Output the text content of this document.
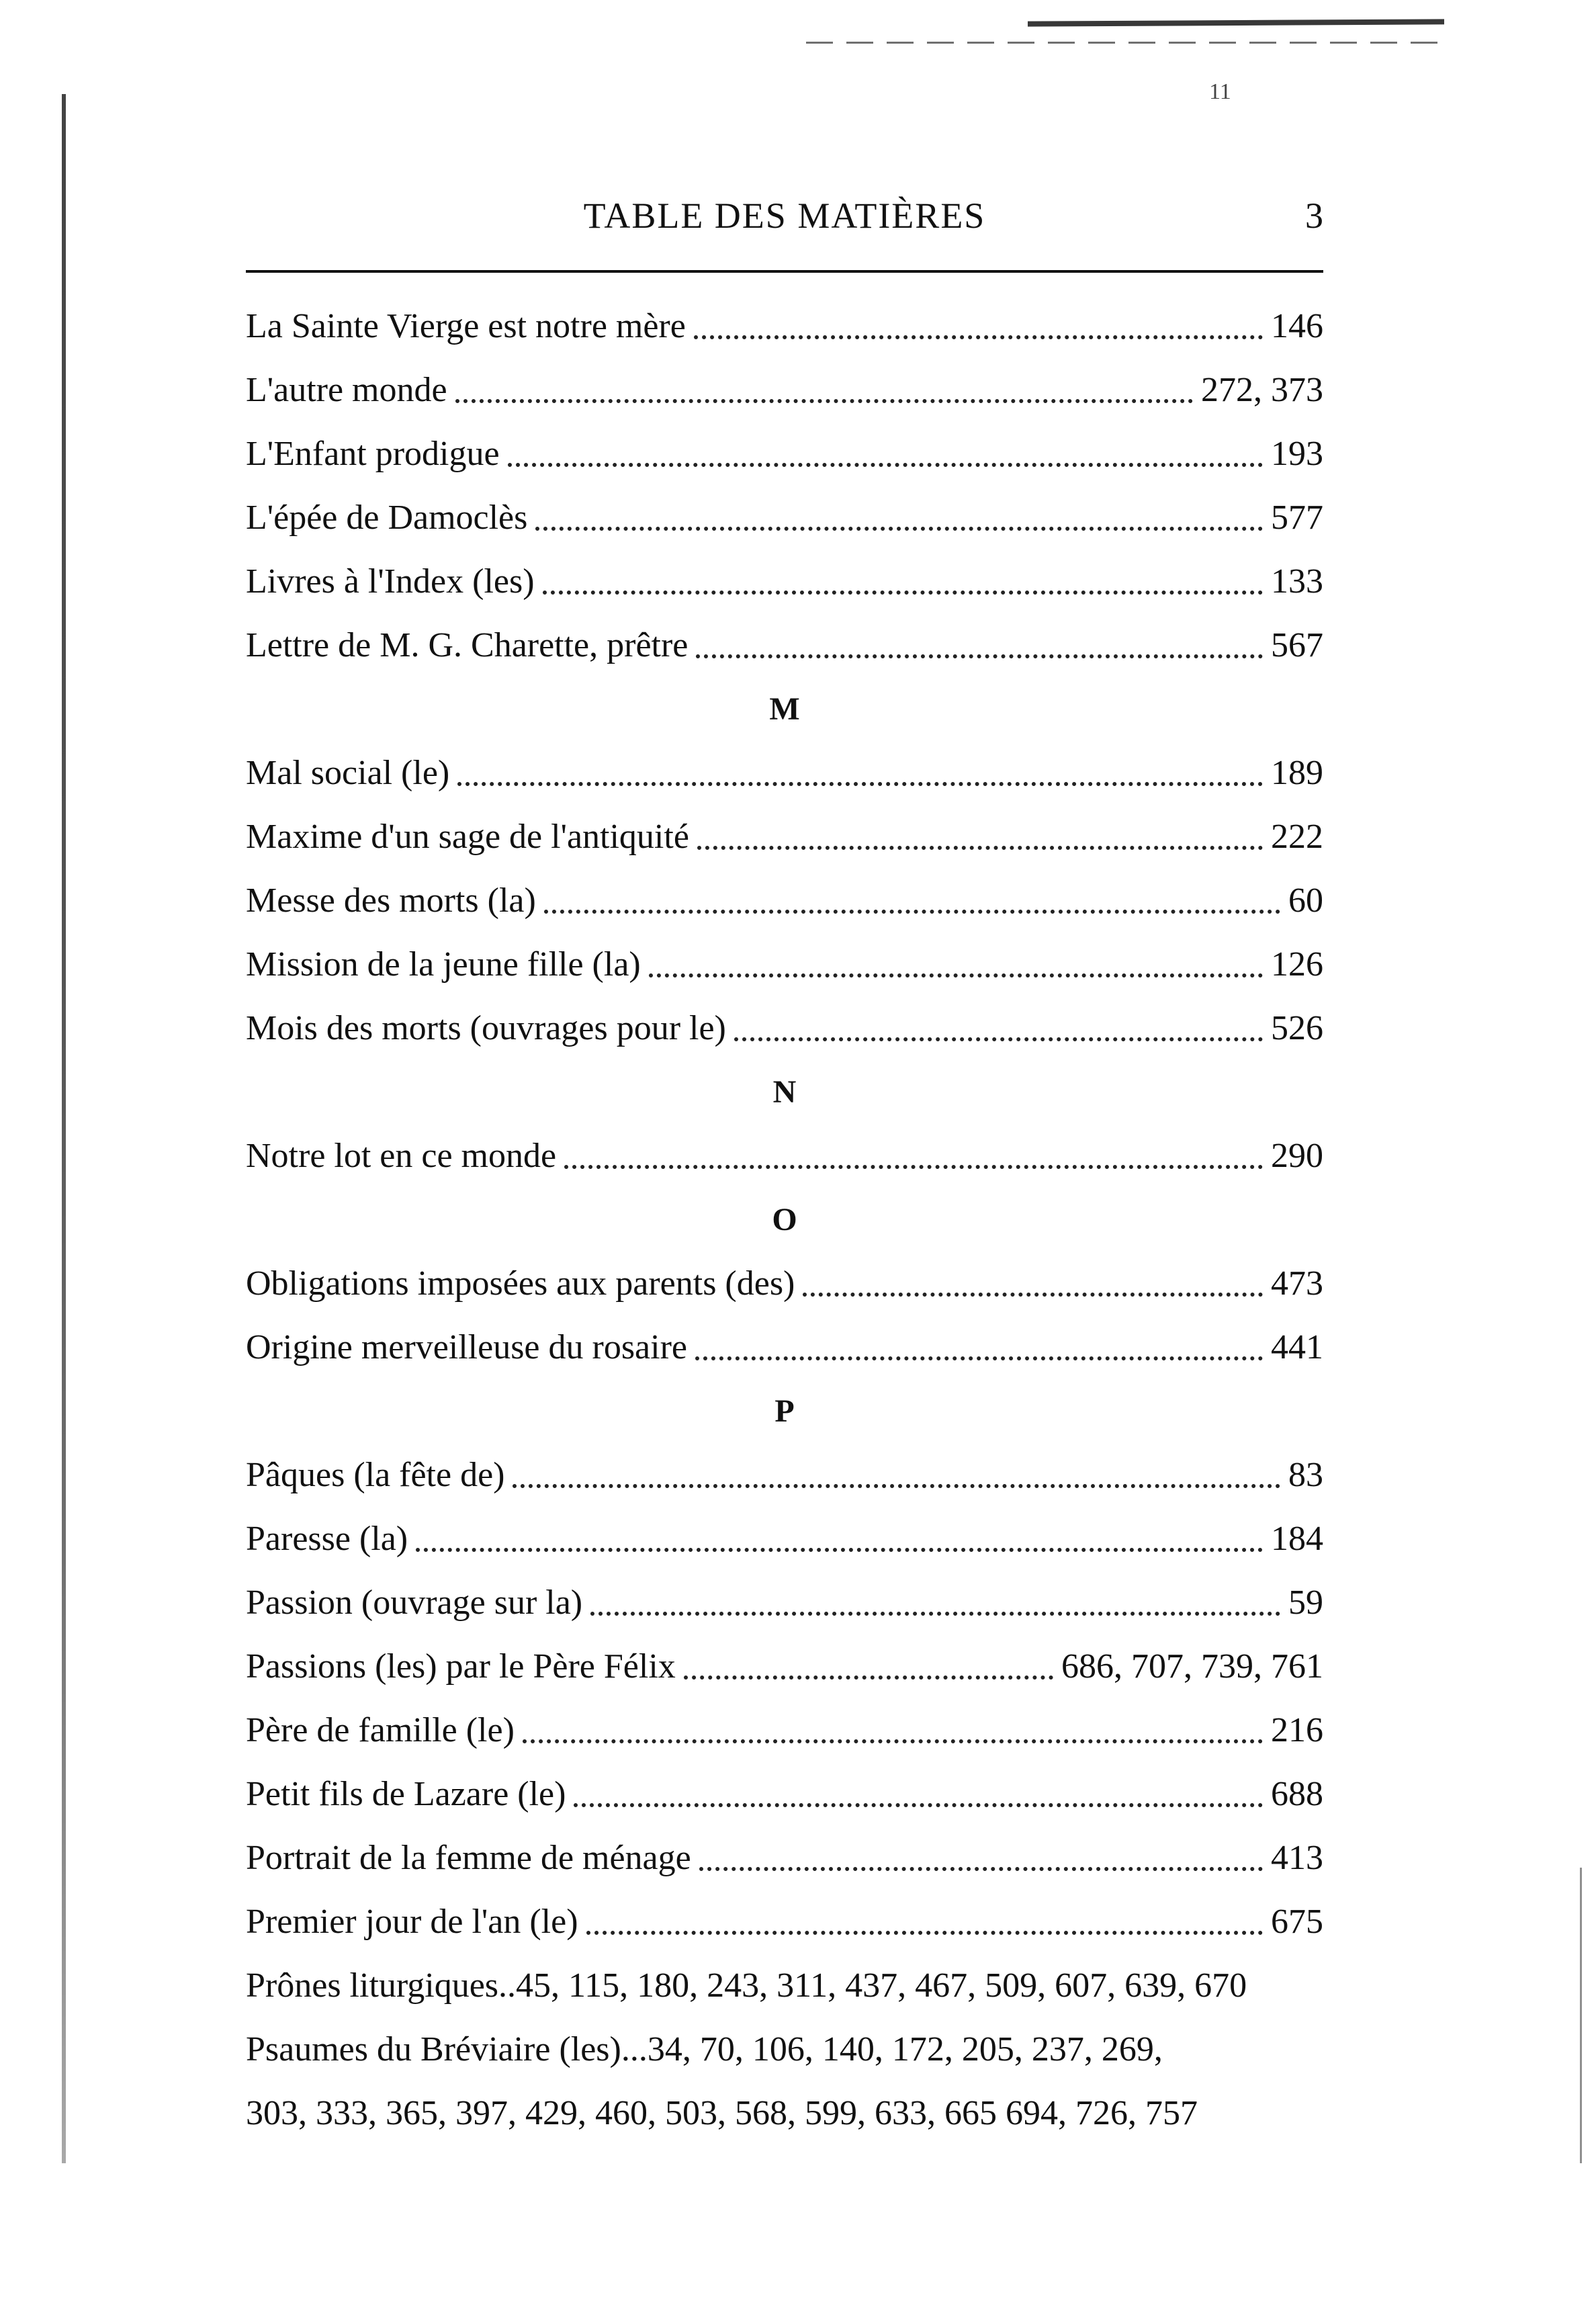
11
TABLE DES MATIÈRES	3
La Sainte Vierge est notre mère	146
L'autre monde	272, 373
L'Enfant prodigue	193
L'épée de Damoclès	577
Livres à l'Index (les)	133
Lettre de M. G. Charette, prêtre	567
M
Mal social (le)	189
Maxime d'un sage de l'antiquité	222
Messe des morts (la)	60
Mission de la jeune fille (la)	126
Mois des morts (ouvrages pour le)	526
N
Notre lot en ce monde	290
O
Obligations imposées aux parents (des)	473
Origine merveilleuse du rosaire	441
P
Pâques (la fête de)	83
Paresse (la)	184
Passion (ouvrage sur la)	59
Passions (les) par le Père Félix	686, 707, 739, 761
Père de famille (le)	216
Petit fils de Lazare (le)	688
Portrait de la femme de ménage	413
Premier jour de l'an (le)	675
Prônes liturgiques..45, 115, 180, 243, 311, 437, 467, 509, 607, 639, 670
Psaumes du Bréviaire (les)...34, 70, 106, 140, 172, 205, 237, 269,
303, 333, 365, 397, 429, 460, 503, 568, 599, 633, 665 694, 726, 757
